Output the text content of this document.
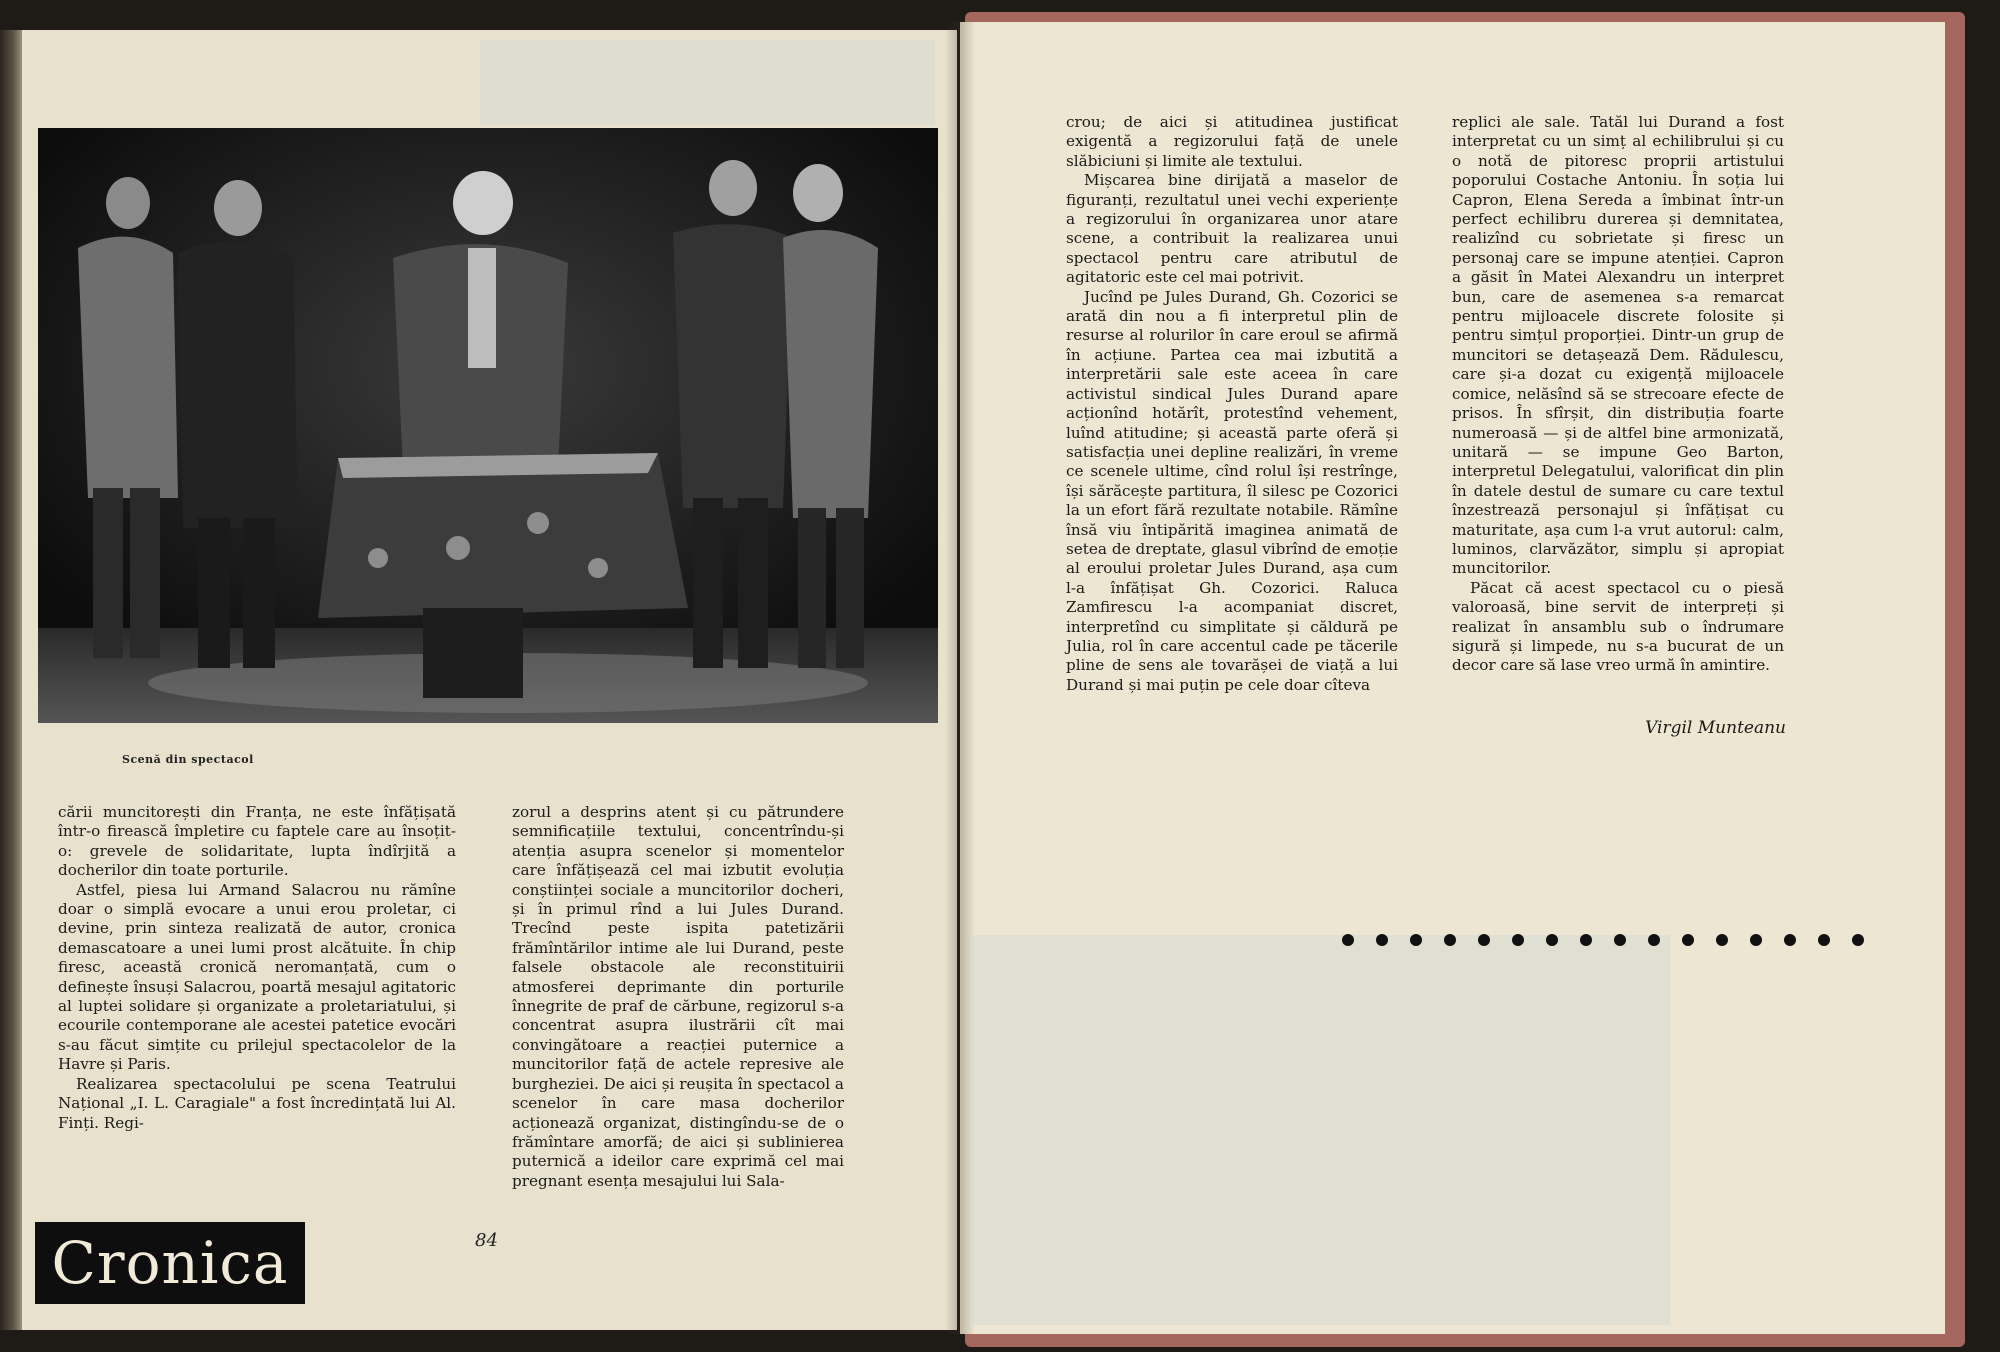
Scenă din spectacol

cării muncitorești din Franța, ne este înfățișată într-o firească împletire cu faptele care au însoțit-o: grevele de solidaritate, lupta îndîrjită a docherilor din toate porturile.

Astfel, piesa lui Armand Salacrou nu rămîne doar o simplă evocare a unui erou proletar, ci devine, prin sinteza realizată de autor, cronica demascatoare a unei lumi prost alcătuite. În chip firesc, această cronică neromanțată, cum o definește însuși Salacrou, poartă mesajul agitatoric al luptei solidare și organizate a proletariatului, și ecourile contemporane ale acestei patetice evocări s-au făcut simțite cu prilejul spectacolelor de la Havre și Paris.

Realizarea spectacolului pe scena Teatrului Național „I. L. Caragiale" a fost încredințată lui Al. Finți. Regi-

zorul a desprins atent și cu pătrundere semnificațiile textului, concentrîndu-și atenția asupra scenelor și momentelor care înfățișează cel mai izbutit evoluția conștiinței sociale a muncitorilor docheri, și în primul rînd a lui Jules Durand. Trecînd peste ispita patetizării frămîntărilor intime ale lui Durand, peste falsele obstacole ale reconstituirii atmosferei deprimante din porturile înnegrite de praf de cărbune, regizorul s-a concentrat asupra ilustrării cît mai convingătoare a reacției puternice a muncitorilor față de actele represive ale burgheziei. De aici și reușita în spectacol a scenelor în care masa docherilor acționează organizat, distingîndu-se de o frămîntare amorfă; de aici și sublinierea puternică a ideilor care exprimă cel mai pregnant esența mesajului lui Sala-

crou; de aici și atitudinea justificat exigentă a regizorului față de unele slăbiciuni și limite ale textului.

Mișcarea bine dirijată a maselor de figuranți, rezultatul unei vechi experiențe a regizorului în organizarea unor atare scene, a contribuit la realizarea unui spectacol pentru care atributul de agitatoric este cel mai potrivit.

Jucînd pe Jules Durand, Gh. Cozorici se arată din nou a fi interpretul plin de resurse al rolurilor în care eroul se afirmă în acțiune. Partea cea mai izbutită a interpretării sale este aceea în care activistul sindical Jules Durand apare acționînd hotărît, protestînd vehement, luînd atitudine; și această parte oferă și satisfacția unei depline realizări, în vreme ce scenele ultime, cînd rolul își restrînge, își sărăcește partitura, îl silesc pe Cozorici la un efort fără rezultate notabile. Rămîne însă viu întipărită imaginea animată de setea de dreptate, glasul vibrînd de emoție al eroului proletar Jules Durand, așa cum l-a înfățișat Gh. Cozorici. Raluca Zamfirescu l-a acompaniat discret, interpretînd cu simplitate și căldură pe Julia, rol în care accentul cade pe tăcerile pline de sens ale tovarășei de viață a lui Durand și mai puțin pe cele doar cîteva

replici ale sale. Tatăl lui Durand a fost interpretat cu un simț al echilibrului și cu o notă de pitoresc proprii artistului poporului Costache Antoniu. În soția lui Capron, Elena Sereda a îmbinat într-un perfect echilibru durerea și demnitatea, realizînd cu sobrietate și firesc un personaj care se impune atenției. Capron a găsit în Matei Alexandru un interpret bun, care de asemenea s-a remarcat pentru mijloacele discrete folosite și pentru simțul proporției. Dintr-un grup de muncitori se detașează Dem. Rădulescu, care și-a dozat cu exigență mijloacele comice, nelăsînd să se strecoare efecte de prisos. În sfîrșit, din distribuția foarte numeroasă — și de altfel bine armonizată, unitară — se impune Geo Barton, interpretul Delegatului, valorificat din plin în datele destul de sumare cu care textul înzestrează personajul și înfățișat cu maturitate, așa cum l-a vrut autorul: calm, luminos, clarvăzător, simplu și apropiat muncitorilor.

Păcat că acest spectacol cu o piesă valoroasă, bine servit de interpreți și realizat în ansamblu sub o îndrumare sigură și limpede, nu s-a bucurat de un decor care să lase vreo urmă în amintire.

Virgil Munteanu
84
Cronica
